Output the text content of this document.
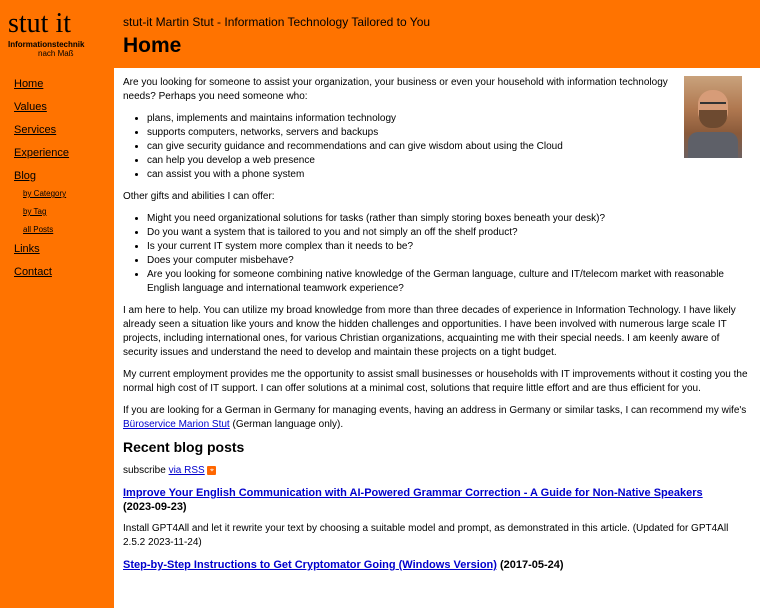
stut it
Informationstechnik
nach Maß
stut-it Martin Stut - Information Technology Tailored to You
Home
Home
Values
Services
Experience
Blog
by Category
by Tag
all Posts
Links
Contact

Are you looking for someone to assist your organization, your business or even your household with information technology needs? Perhaps you need someone who:

• plans, implements and maintains information technology
• supports computers, networks, servers and backups
• can give security guidance and recommendations and can give wisdom about using the Cloud
• can help you develop a web presence
• can assist you with a phone system

Other gifts and abilities I can offer:

• Might you need organizational solutions for tasks (rather than simply storing boxes beneath your desk)?
• Do you want a system that is tailored to you and not simply an off the shelf product?
• Is your current IT system more complex than it needs to be?
• Does your computer misbehave?
• Are you looking for someone combining native knowledge of the German language, culture and IT/telecom market with reasonable English language and international teamwork experience?

I am here to help. You can utilize my broad knowledge from more than three decades of experience in Information Technology. I have likely already seen a situation like yours and know the hidden challenges and opportunities. I have been involved with numerous large scale IT projects, including international ones, for various Christian organizations, acquainting me with their special needs. I am keenly aware of security issues and understand the need to develop and maintain these projects on a tight budget.

My current employment provides me the opportunity to assist small businesses or households with IT improvements without it costing you the normal high cost of IT support. I can offer solutions at a minimal cost, solutions that require little effort and are thus efficient for you.

If you are looking for a German in Germany for managing events, having an address in Germany or similar tasks, I can recommend my wife's Büroservice Marion Stut (German language only).

Recent blog posts

subscribe via RSS ⌖

Improve Your English Communication with AI-Powered Grammar Correction - A Guide for Non-Native Speakers
(2023-09-23)

Install GPT4All and let it rewrite your text by choosing a suitable model and prompt, as demonstrated in this article. (Updated for GPT4All 2.5.2 2023-11-24)

Step-by-Step Instructions to Get Cryptomator Going (Windows Version) (2017-05-24)
